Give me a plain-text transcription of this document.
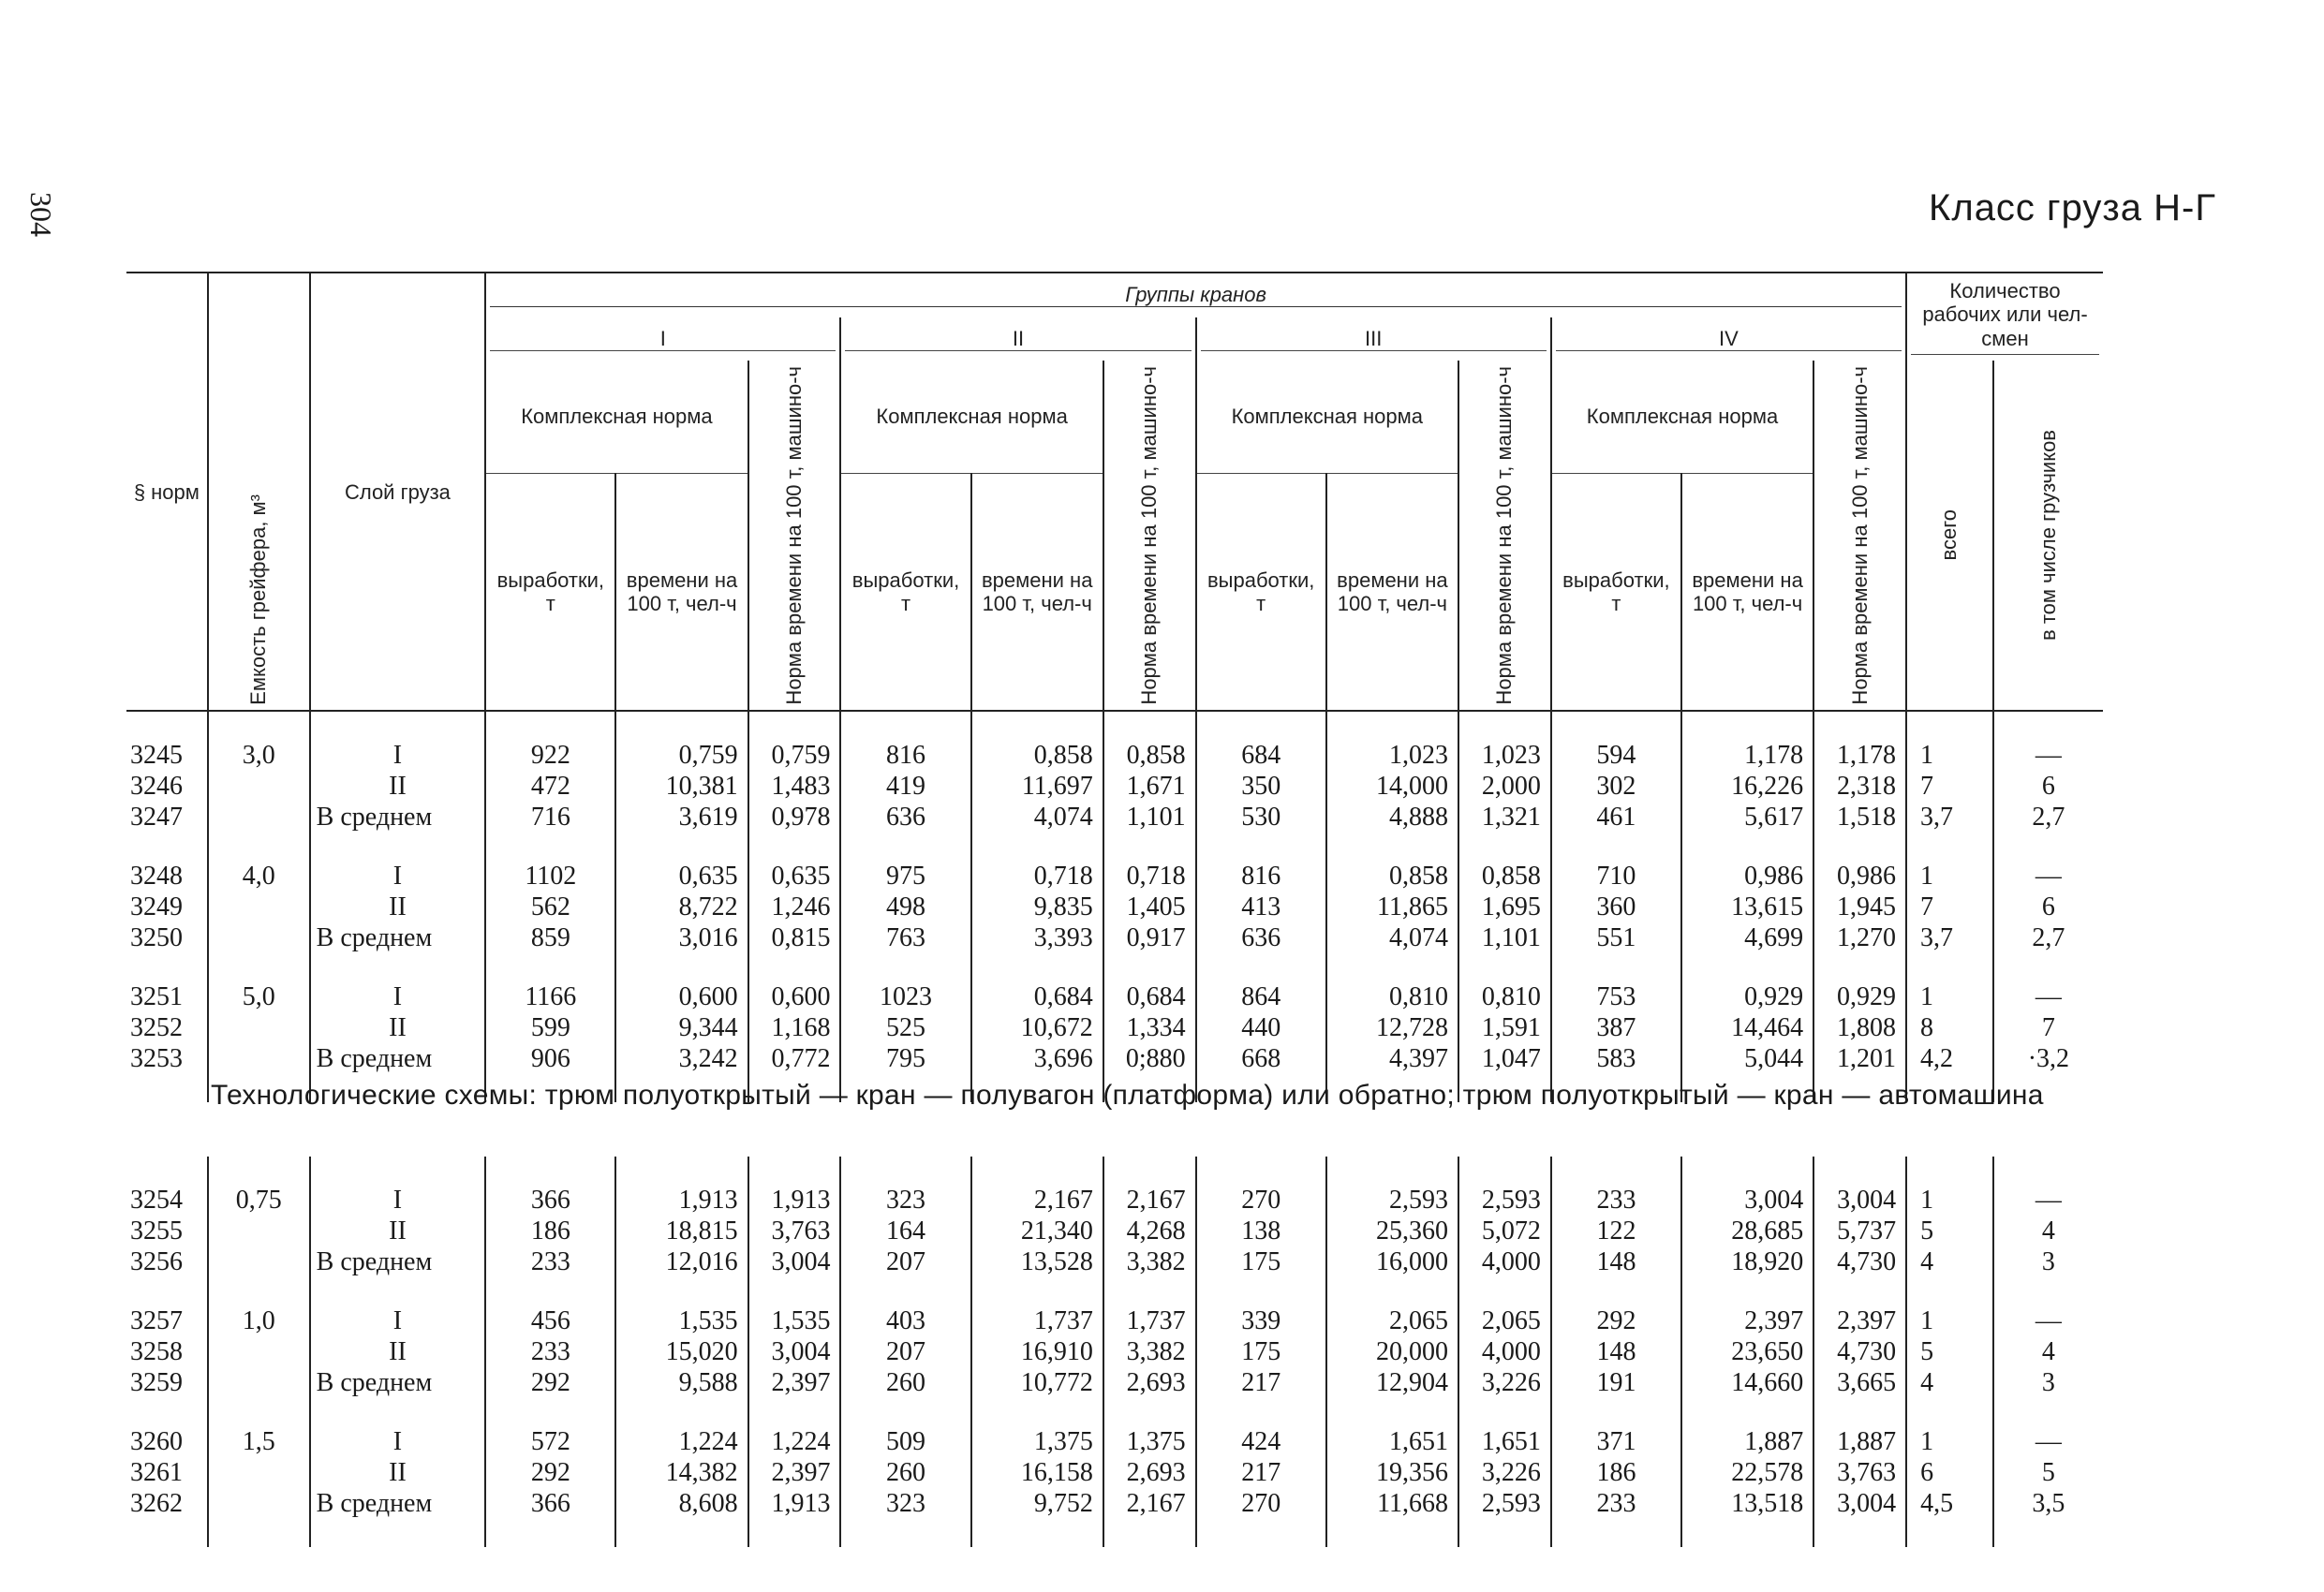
304	Класс груза Н-Г
§ норм	Емкость грейфера, м³	Слой груза	Группы кранов												Количество рабочих или чел-смен	

			I			II			III			IV				

			Комплексная норма		Норма времени на 100 т, машино-ч	Комплексная норма		Норма времени на 100 т, машино-ч	Комплексная норма		Норма времени на 100 т, машино-ч	Комплексная норма		Норма времени на 100 т, машино-ч	всего	в том числе грузчиков

			выработки, т	времени на 100 т, чел-ч		выработки, т	времени на 100 т, чел-ч		выработки, т	времени на 100 т, чел-ч		выработки, т	времени на 100 т, чел-ч			

3245	3,0	I	922	0,759	0,759	816	0,858	0,858	684	1,023	1,023	594	1,178	1,178	1	—
3246		II	472	10,381	1,483	419	11,697	1,671	350	14,000	2,000	302	16,226	2,318	7	6
3247		В среднем	716	3,619	0,978	636	4,074	1,101	530	4,888	1,321	461	5,617	1,518	3,7	2,7

3248	4,0	I	1102	0,635	0,635	975	0,718	0,718	816	0,858	0,858	710	0,986	0,986	1	—
3249		II	562	8,722	1,246	498	9,835	1,405	413	11,865	1,695	360	13,615	1,945	7	6
3250		В среднем	859	3,016	0,815	763	3,393	0,917	636	4,074	1,101	551	4,699	1,270	3,7	2,7

3251	5,0	I	1166	0,600	0,600	1023	0,684	0,684	864	0,810	0,810	753	0,929	0,929	1	—
3252		II	599	9,344	1,168	525	10,672	1,334	440	12,728	1,591	387	14,464	1,808	8	7
3253		В среднем	906	3,242	0,772	795	3,696	0;880	668	4,397	1,047	583	5,044	1,201	4,2	·3,2

Технологические схемы: трюм полуоткрытый — кран — полувагон (платформа) или обратно; трюм полуоткрытый — кран — автомашина

3254	0,75	I	366	1,913	1,913	323	2,167	2,167	270	2,593	2,593	233	3,004	3,004	1	—
3255		II	186	18,815	3,763	164	21,340	4,268	138	25,360	5,072	122	28,685	5,737	5	4
3256		В среднем	233	12,016	3,004	207	13,528	3,382	175	16,000	4,000	148	18,920	4,730	4	3

3257	1,0	I	456	1,535	1,535	403	1,737	1,737	339	2,065	2,065	292	2,397	2,397	1	—
3258		II	233	15,020	3,004	207	16,910	3,382	175	20,000	4,000	148	23,650	4,730	5	4
3259		В среднем	292	9,588	2,397	260	10,772	2,693	217	12,904	3,226	191	14,660	3,665	4	3

3260	1,5	I	572	1,224	1,224	509	1,375	1,375	424	1,651	1,651	371	1,887	1,887	1	—
3261		II	292	14,382	2,397	260	16,158	2,693	217	19,356	3,226	186	22,578	3,763	6	5
3262		В среднем	366	8,608	1,913	323	9,752	2,167	270	11,668	2,593	233	13,518	3,004	4,5	3,5
